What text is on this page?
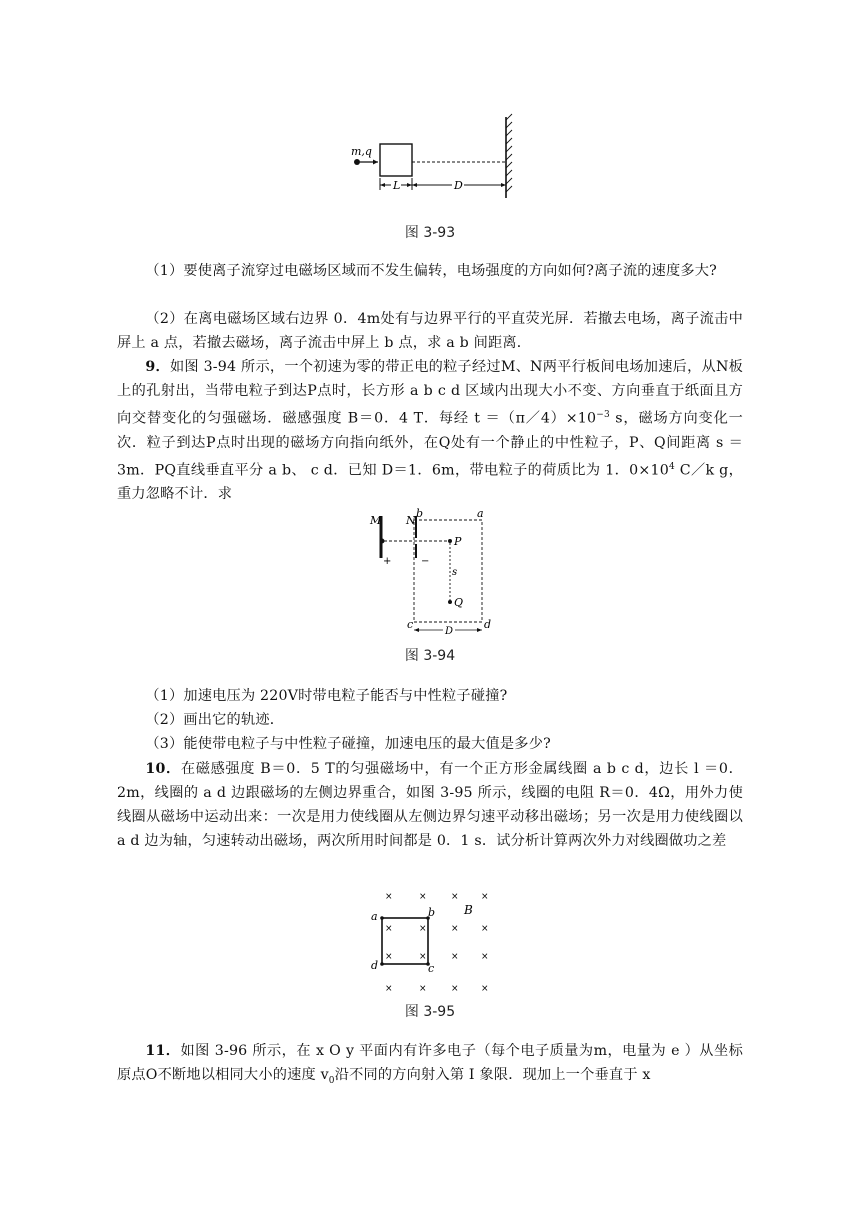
m,q
L	D
图 3-93
（1）要使离子流穿过电磁场区域而不发生偏转，电场强度的方向如何?离子流的速度多大?
（2）在离电磁场区域右边界 0．4m处有与边界平行的平直荧光屏．若撤去电场，离子流击中屏上 a 点，若撤去磁场，离子流击中屏上 b 点，求 a b 间距离．
9．如图 3-94 所示，一个初速为零的带正电的粒子经过M、N两平行板间电场加速后，从N板上的孔射出，当带电粒子到达P点时，长方形 a b c d 区域内出现大小不变、方向垂直于纸面且方向交替变化的匀强磁场．磁感强度 B＝0．4 T．每经 $t =(\pi/4)\times 10^{-3}$ s，磁场方向变化一次．粒子到达P点时出现的磁场方向指向纸外，在Q处有一个静止的中性粒子，P、Q间距离 s ＝3m．PQ直线垂直平分 a b、 c d．已知 D＝1．6m，带电粒子的荷质比为 1．$0\times 10^4$ C／k g，重力忽略不计．求
M
+
N
−
P
b	a
c	d
s
Q
D
图 3-94
（1）加速电压为 220V时带电粒子能否与中性粒子碰撞?
（2）画出它的轨迹．
（3）能使带电粒子与中性粒子碰撞，加速电压的最大值是多少?
10．在磁感强度 B＝0．5 T的匀强磁场中，有一个正方形金属线圈 a b c d，边长 l ＝0．2m，线圈的 a d 边跟磁场的左侧边界重合，如图 3-95 所示，线圈的电阻 R＝0．4Ω，用外力使线圈从磁场中运动出来：一次是用力使线圈从左侧边界匀速平动移出磁场；另一次是用力使线圈以 a d 边为轴，匀速转动出磁场，两次所用时间都是 0．1 s．试分析计算两次外力对线圈做功之差
×	×	× ×
×	×	× ×
×	×	× ×
×	×	× ×
a	b
d	c
B
图 3-95
11．如图 3-96 所示，在 x O y 平面内有许多电子（每个电子质量为m，电量为 e ）从坐标原点O不断地以相同大小的速度 $v_0$沿不同的方向射入第 Ⅰ 象限．现加上一个垂直于 x
